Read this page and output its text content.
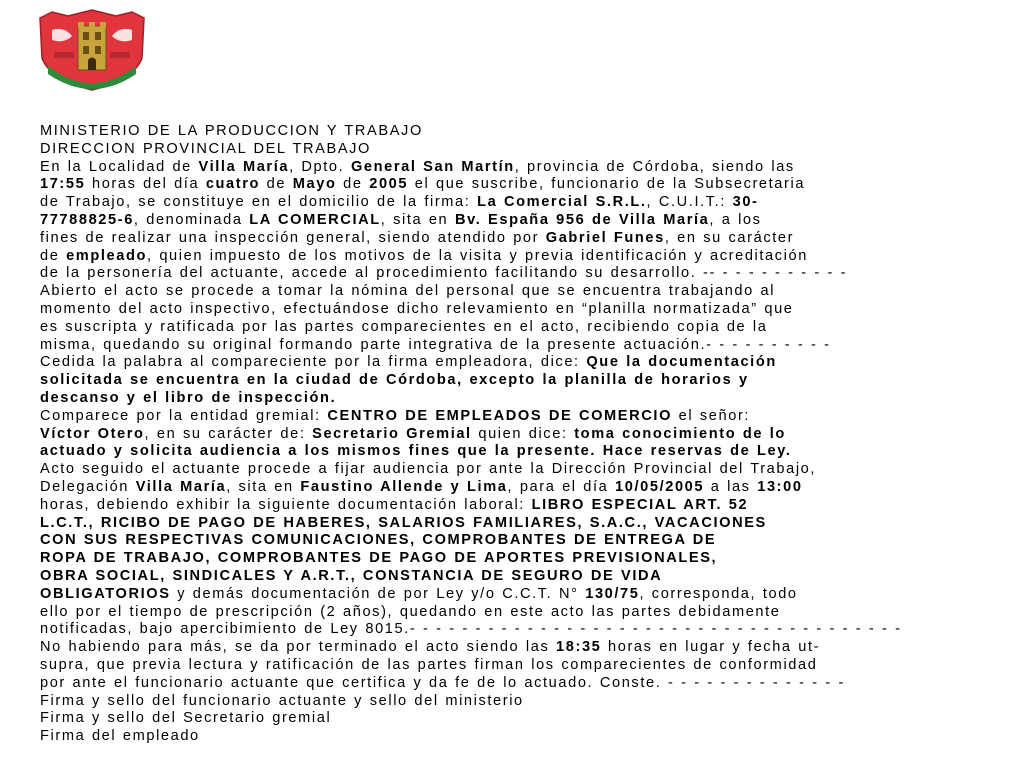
MINISTERIO DE LA PRODUCCION Y TRABAJO

DIRECCION PROVINCIAL DEL TRABAJO

En la Localidad de Villa María, Dpto. General San Martín, provincia de Córdoba, siendo las

17:55 horas del día cuatro de Mayo de 2005 el que suscribe, funcionario de la Subsecretaria

de Trabajo, se constituye en el domicilio de la firma: La Comercial S.R.L., C.U.I.T.: 30-

77788825-6, denominada LA COMERCIAL, sita en Bv. España 956 de Villa María, a los

fines de realizar una inspección general, siendo atendido por Gabriel Funes, en su carácter

de empleado, quien impuesto de los motivos de la visita y previa identificación y acreditación

de la personería del actuante, accede al procedimiento facilitando su desarrollo. -- - - - - - - - - - -

Abierto el acto se procede a tomar la nómina del personal que se encuentra trabajando al

momento del acto inspectivo, efectuándose dicho relevamiento en “planilla normatizada” que

es suscripta y ratificada por las partes comparecientes en el acto, recibiendo copia de la

misma, quedando su original formando parte integrativa de la presente actuación.- - - - - - - - - -

Cedida la palabra al compareciente por la firma empleadora, dice: Que la documentación

solicitada se encuentra en la ciudad de Córdoba, excepto la planilla de horarios y

descanso y el libro de inspección.

Comparece por la entidad gremial: CENTRO DE EMPLEADOS DE COMERCIO el señor:

Víctor Otero, en su carácter de: Secretario Gremial quien dice: toma conocimiento de lo

actuado y solicita audiencia a los mismos fines que la presente. Hace reservas de Ley.

Acto seguido el actuante procede a fijar audiencia por ante la Dirección Provincial del Trabajo,

Delegación Villa María, sita en Faustino Allende y Lima, para el día 10/05/2005 a las 13:00

horas, debiendo exhibir la siguiente documentación laboral: LIBRO ESPECIAL ART. 52

L.C.T., RICIBO DE PAGO DE HABERES, SALARIOS FAMILIARES, S.A.C., VACACIONES

CON SUS RESPECTIVAS COMUNICACIONES, COMPROBANTES DE ENTREGA DE

ROPA DE TRABAJO, COMPROBANTES DE PAGO DE APORTES PREVISIONALES,

OBRA SOCIAL, SINDICALES Y A.R.T., CONSTANCIA DE SEGURO DE VIDA

OBLIGATORIOS y demás documentación de por Ley y/o C.C.T. N° 130/75, corresponda, todo

ello por el tiempo de prescripción (2 años), quedando en este acto las partes debidamente

notificadas, bajo apercibimiento de Ley 8015.- - - - - - - - - - - - - - - - - - - - - - - - - - - - - - - - - - - - - -

No habiendo para más, se da por terminado el acto siendo las 18:35 horas en lugar y fecha ut-

supra, que previa lectura y ratificación de las partes firman los comparecientes de conformidad

por ante el funcionario actuante que certifica y da fe de lo actuado. Conste. - - - - - - - - - - - - - -

Firma y sello del funcionario actuante y sello del ministerio

Firma y sello del Secretario gremial

Firma del empleado
